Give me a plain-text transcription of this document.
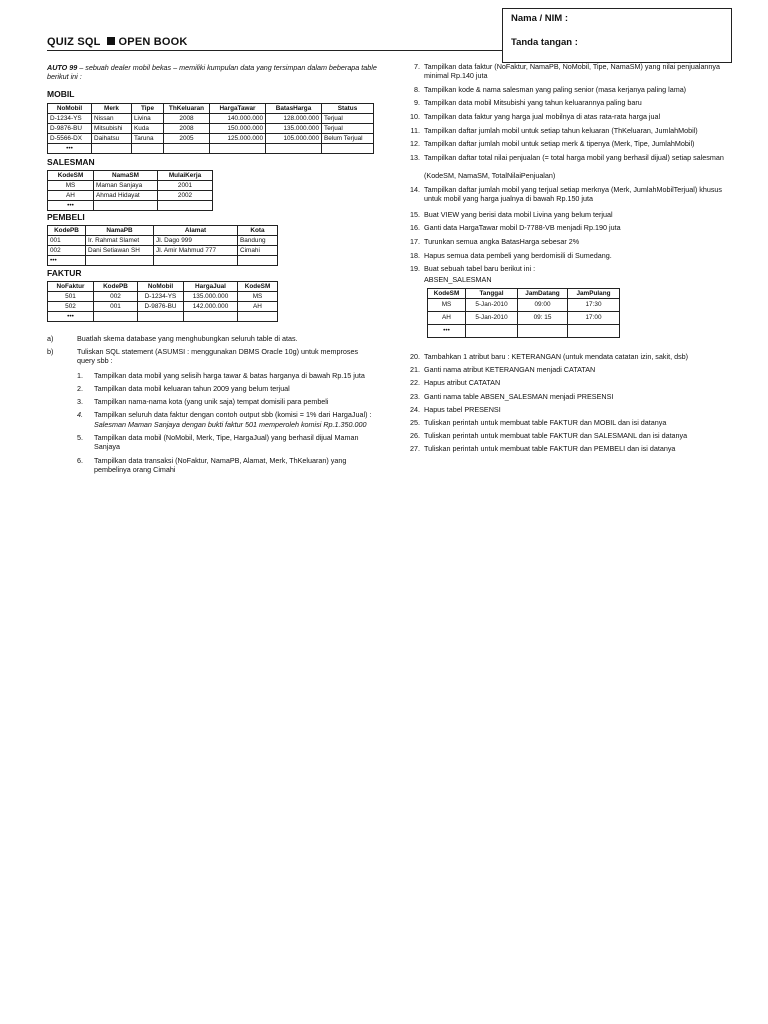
Nama / NIM :
Tanda tangan :
QUIZ SQL OPEN BOOK
AUTO 99 – sebuah dealer mobil bekas – memiliki kumpulan data yang tersimpan dalam beberapa table berikut ini :
MOBIL
NoMobil	Merk	Tipe	ThKeluaran	HargaTawar	BatasHarga	Status
D-1234-YS	Nissan	Livina	2008	140.000.000	128.000.000	Terjual
D-9876-BU	Mitsubishi	Kuda	2008	150.000.000	135.000.000	Terjual
D-5566-DX	Daihatsu	Taruna	2005	125.000.000	105.000.000	Belum Terjual
•••						
SALESMAN
KodeSM	NamaSM	MulaiKerja
MS	Maman Sanjaya	2001
AH	Ahmad Hidayat	2002
•••		
PEMBELI
KodePB	NamaPB	Alamat	Kota
001	Ir. Rahmat Slamet	Jl. Dago 999	Bandung
002	Dani Setiawan SH	Jl. Amir Mahmud 777	Cimahi
•••			
FAKTUR
NoFaktur	KodePB	NoMobil	HargaJual	KodeSM
501	002	D-1234-YS	135.000.000	MS
502	001	D-9876-BU	142.000.000	AH
•••				
a)	Buatlah skema database yang menghubungkan seluruh table di atas.
b)	Tuliskan SQL statement (ASUMSI : menggunakan DBMS Oracle 10g) untuk memproses query sbb :
1. Tampilkan data mobil yang selisih harga tawar & batas harganya di bawah Rp.15 juta
2. Tampilkan data mobil keluaran tahun 2009 yang belum terjual
3. Tampilkan nama-nama kota (yang unik saja) tempat domisili para pembeli
4. Tampilkan seluruh data faktur dengan contoh output sbb (komisi = 1% dari HargaJual) :
Salesman Maman Sanjaya dengan bukti faktur 501 memperoleh komisi Rp.1.350.000
5. Tampilkan data mobil (NoMobil, Merk, Tipe, HargaJual) yang berhasil dijual Maman Sanjaya
6. Tampilkan data transaksi (NoFaktur, NamaPB, Alamat, Merk, ThKeluaran) yang pembelinya orang Cimahi
7. Tampilkan data faktur (NoFaktur, NamaPB, NoMobil, Tipe, NamaSM) yang nilai penjualannya minimal Rp.140 juta
8. Tampilkan kode & nama salesman yang paling senior (masa kerjanya paling lama)
9. Tampilkan data mobil Mitsubishi yang tahun keluarannya paling baru
10. Tampilkan data faktur yang harga jual mobilnya di atas rata-rata harga jual
11. Tampilkan daftar jumlah mobil untuk setiap tahun keluaran (ThKeluaran, JumlahMobil)
12. Tampilkan daftar jumlah mobil untuk setiap merk & tipenya (Merk, Tipe, JumlahMobil)
13. Tampilkan daftar total nilai penjualan (= total harga mobil yang berhasil dijual) setiap salesman
(KodeSM, NamaSM, TotalNilaiPenjualan)
14. Tampilkan daftar jumlah mobil yang terjual setiap merknya (Merk, JumlahMobilTerjual) khusus untuk mobil yang harga jualnya di bawah Rp.150 juta
15. Buat VIEW yang berisi data mobil Livina yang belum terjual
16. Ganti data HargaTawar mobil D-7788-VB menjadi Rp.190 juta
17. Turunkan semua angka BatasHarga sebesar 2%
18. Hapus semua data pembeli yang berdomisili di Sumedang.
19. Buat sebuah tabel baru berikut ini :
ABSEN_SALESMAN
KodeSM	Tanggal	JamDatang	JamPulang
MS	5-Jan-2010	09:00	17:30
AH	5-Jan-2010	09: 15	17:00
•••			
20. Tambahkan 1 atribut baru : KETERANGAN (untuk mendata catatan izin, sakit, dsb)
21. Ganti nama atribut KETERANGAN menjadi CATATAN
22. Hapus atribut CATATAN
23. Ganti nama table ABSEN_SALESMAN menjadi PRESENSI
24. Hapus tabel PRESENSI
25. Tuliskan perintah untuk membuat table FAKTUR dan MOBIL dan isi datanya
26. Tuliskan perintah untuk membuat table FAKTUR dan SALESMANL dan isi datanya
27. Tuliskan perintah untuk membuat table FAKTUR dan PEMBELI dan isi datanya
